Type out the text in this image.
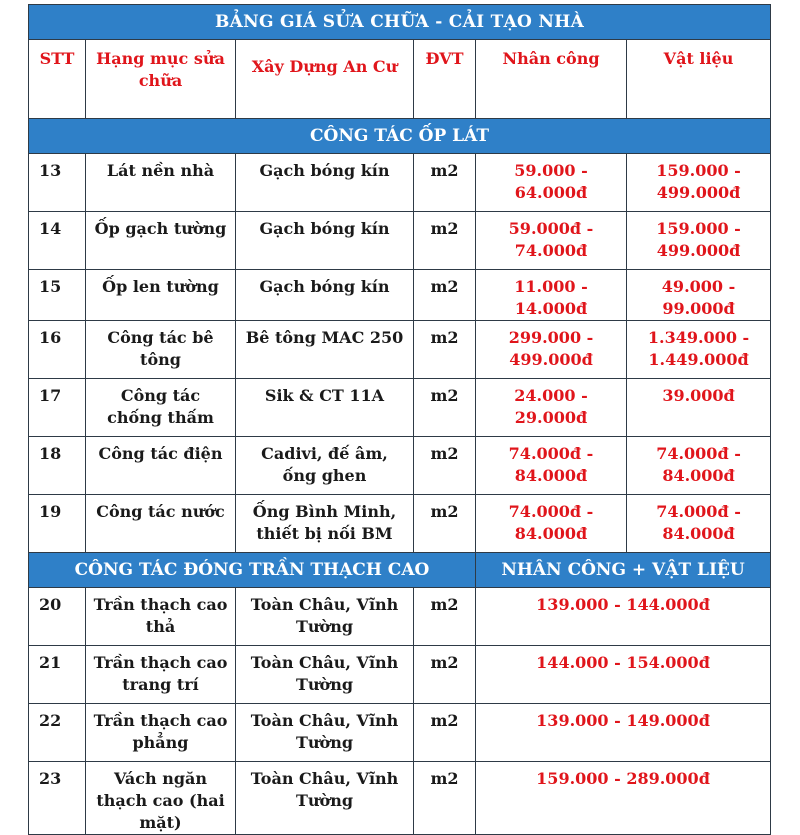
BẢNG GIÁ SỬA CHỮA - CẢI TẠO NHÀ					
STT	Hạng mục sửa chữa	Xây Dựng An Cư	ĐVT	Nhân công	Vật liệu
CÔNG TÁC ỐP LÁT					
13	Lát nền nhà	Gạch bóng kín	m2	59.000 - 64.000đ	159.000 - 499.000đ
14	Ốp gạch tường	Gạch bóng kín	m2	59.000đ - 74.000đ	159.000 - 499.000đ
15	Ốp len tường	Gạch bóng kín	m2	11.000 - 14.000đ	49.000 - 99.000đ
16	Công tác bê tông	Bê tông MAC 250	m2	299.000 - 499.000đ	1.349.000 - 1.449.000đ
17	Công tác chống thấm	Sik & CT 11A	m2	24.000 - 29.000đ	39.000đ
18	Công tác điện	Cadivi, đế âm, ống ghen	m2	74.000đ - 84.000đ	74.000đ - 84.000đ
19	Công tác nước	Ống Bình Minh, thiết bị nối BM	m2	74.000đ - 84.000đ	74.000đ - 84.000đ
CÔNG TÁC ĐÓNG TRẦN THẠCH CAO				NHÂN CÔNG + VẬT LIỆU	
20	Trần thạch cao thả	Toàn Châu, Vĩnh Tường	m2	139.000 - 144.000đ	
21	Trần thạch cao trang trí	Toàn Châu, Vĩnh Tường	m2	144.000 - 154.000đ	
22	Trần thạch cao phẳng	Toàn Châu, Vĩnh Tường	m2	139.000 - 149.000đ	
23	Vách ngăn thạch cao (hai mặt)	Toàn Châu, Vĩnh Tường	m2	159.000 - 289.000đ	
